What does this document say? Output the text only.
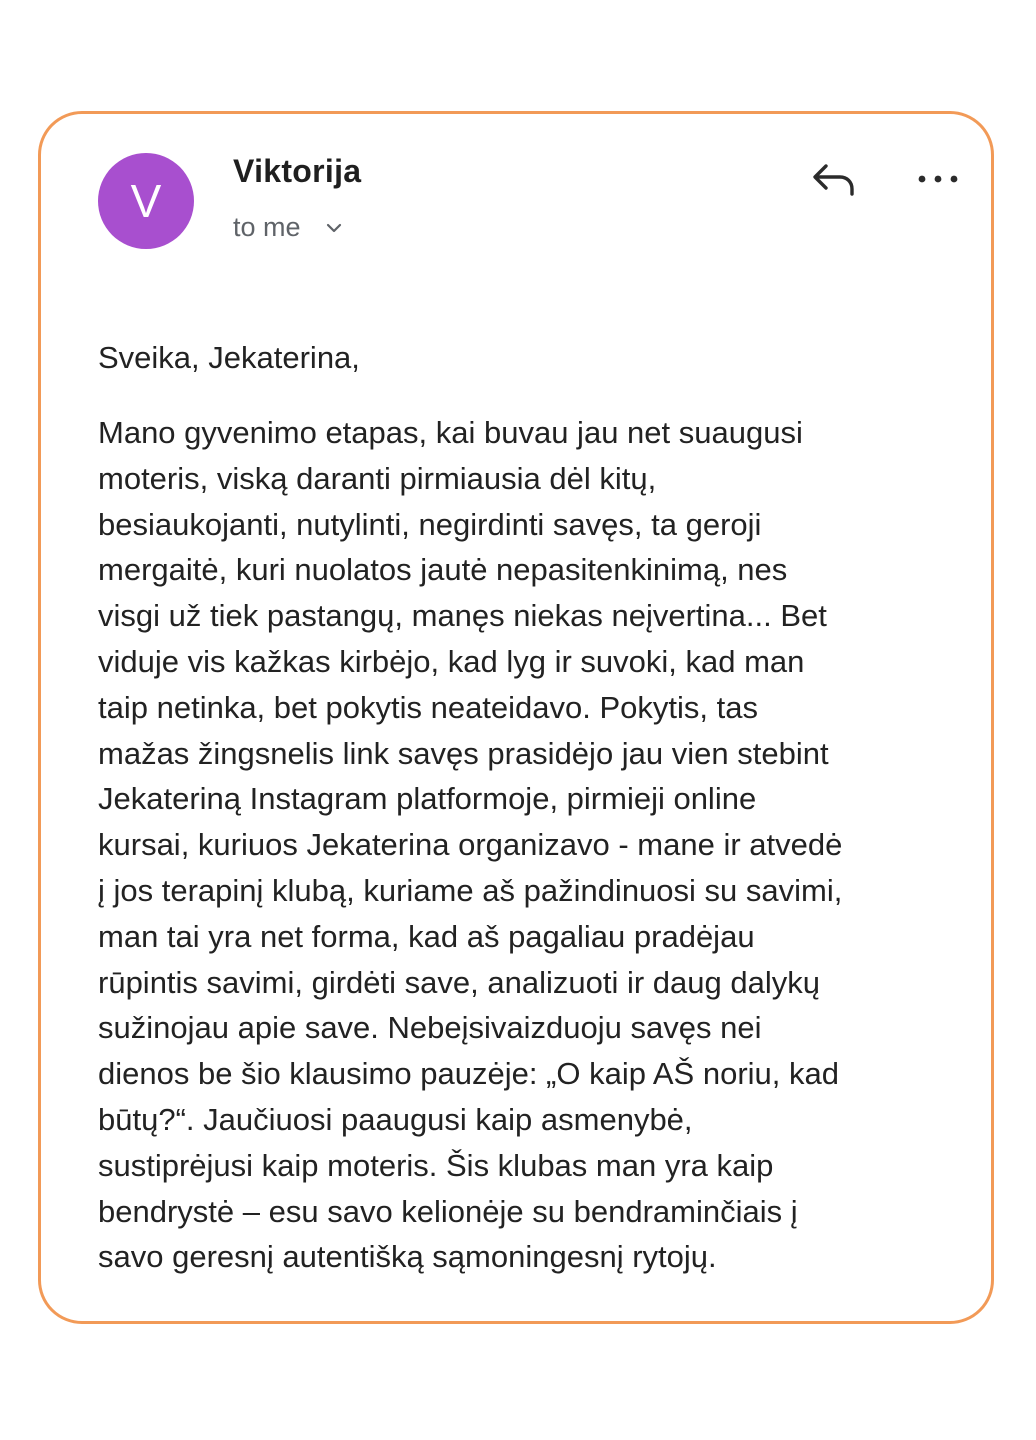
V
Viktorija
to me
Sveika, Jekaterina,
Mano gyvenimo etapas, kai buvau jau net suaugusi
moteris, viską daranti pirmiausia dėl kitų,
besiaukojanti, nutylinti, negirdinti savęs, ta geroji
mergaitė, kuri nuolatos jautė nepasitenkinimą, nes
visgi už tiek pastangų, manęs niekas neįvertina... Bet
viduje vis kažkas kirbėjo, kad lyg ir suvoki, kad man
taip netinka, bet pokytis neateidavo. Pokytis, tas
mažas žingsnelis link savęs prasidėjo jau vien stebint
Jekateriną Instagram platformoje, pirmieji online
kursai, kuriuos Jekaterina organizavo - mane ir atvedė
į jos terapinį klubą, kuriame aš pažindinuosi su savimi,
man tai yra net forma, kad aš pagaliau pradėjau
rūpintis savimi, girdėti save, analizuoti ir daug dalykų
sužinojau apie save. Nebeįsivaizduoju savęs nei
dienos be šio klausimo pauzėje: „O kaip AŠ noriu, kad
būtų?“. Jaučiuosi paaugusi kaip asmenybė,
sustiprėjusi kaip moteris. Šis klubas man yra kaip
bendrystė – esu savo kelionėje su bendraminčiais į
savo geresnį autentišką sąmoningesnį rytojų.
